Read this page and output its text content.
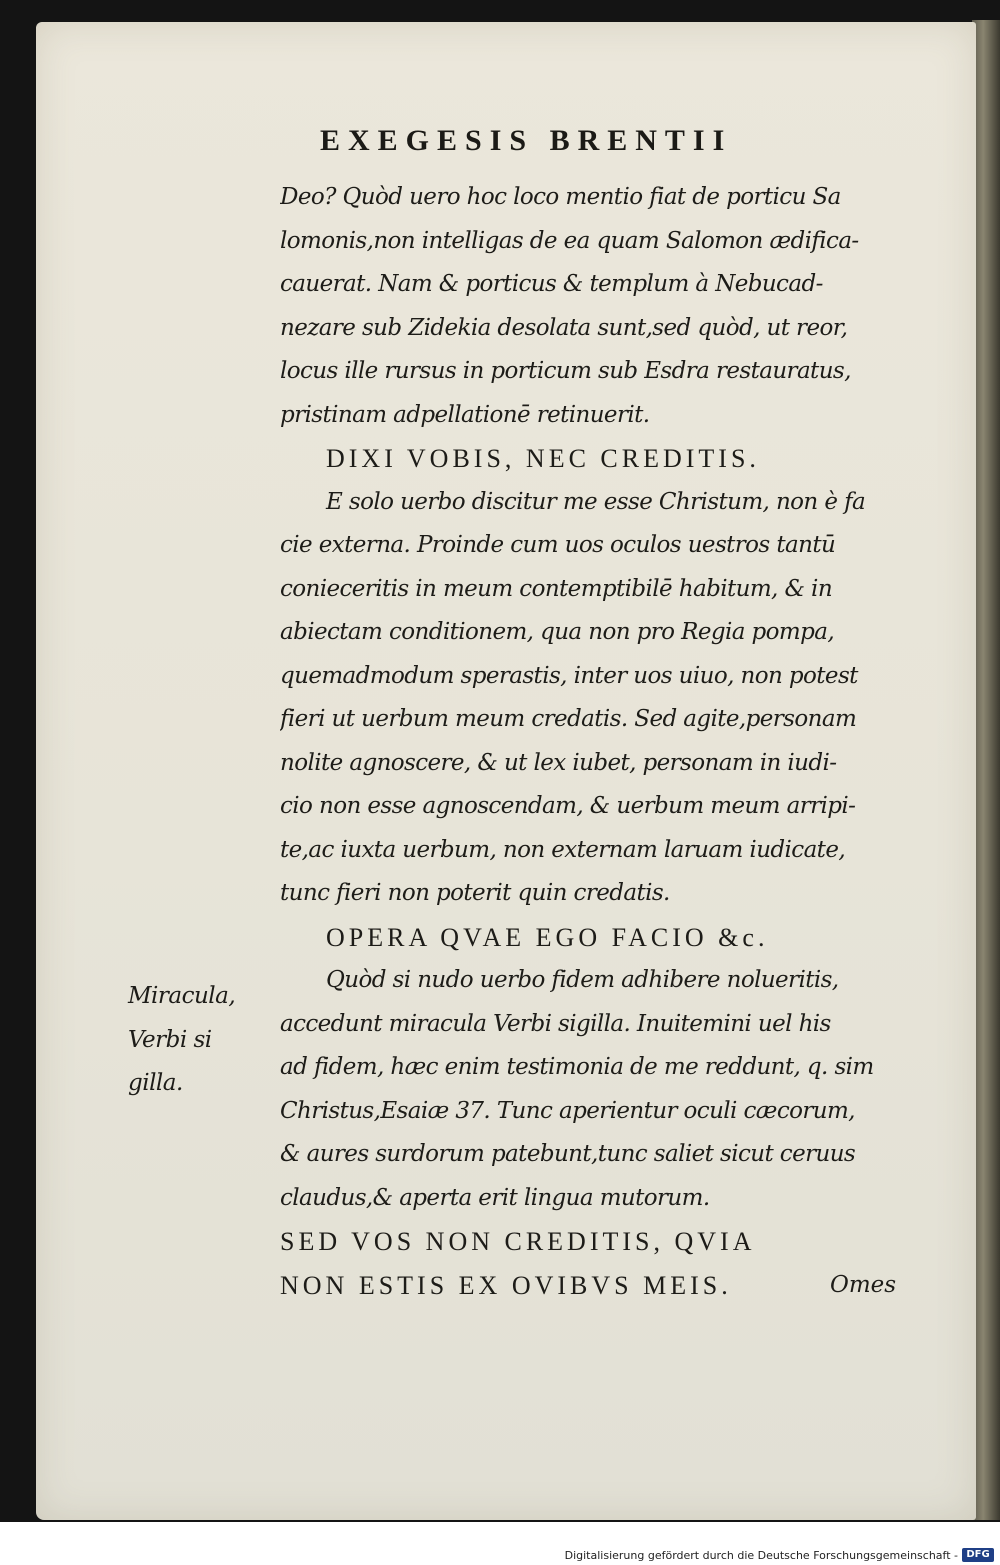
EXEGESIS BRENTII
Deo? Quòd uero hoc loco mentio fiat de porticu Sa
lomonis,non intelligas de ea quam Salomon ædifica-
cauerat. Nam & porticus & templum à Nebucad-
nezare sub Zidekia desolata sunt,sed quòd, ut reor,
locus ille rursus in porticum sub Esdra restauratus,
pristinam adpellationē retinuerit.
DIXI VOBIS, NEC CREDITIS.
E solo uerbo discitur me esse Christum, non è fa
cie externa. Proinde cum uos oculos uestros tantū
conieceritis in meum contemptibilē habitum, & in
abiectam conditionem, qua non pro Regia pompa,
quemadmodum sperastis, inter uos uiuo, non potest
fieri ut uerbum meum credatis. Sed agite,personam
nolite agnoscere, & ut lex iubet, personam in iudi-
cio non esse agnoscendam, & uerbum meum arripi-
te,ac iuxta uerbum, non externam laruam iudicate,
tunc fieri non poterit quin credatis.
OPERA QVAE EGO FACIO &c.
Quòd si nudo uerbo fidem adhibere nolueritis,
accedunt miracula Verbi sigilla. Inuitemini uel his
ad fidem, hæc enim testimonia de me reddunt, q. sim
Christus,Esaiæ 37. Tunc aperientur oculi cæcorum,
& aures surdorum patebunt,tunc saliet sicut ceruus
claudus,& aperta erit lingua mutorum.
SED VOS NON CREDITIS, QVIA
NON ESTIS EX OVIBVS MEIS.
Miracula,
Verbi si
gilla.
Omes
Digitalisierung gefördert durch die Deutsche Forschungsgemeinschaft - DFG
